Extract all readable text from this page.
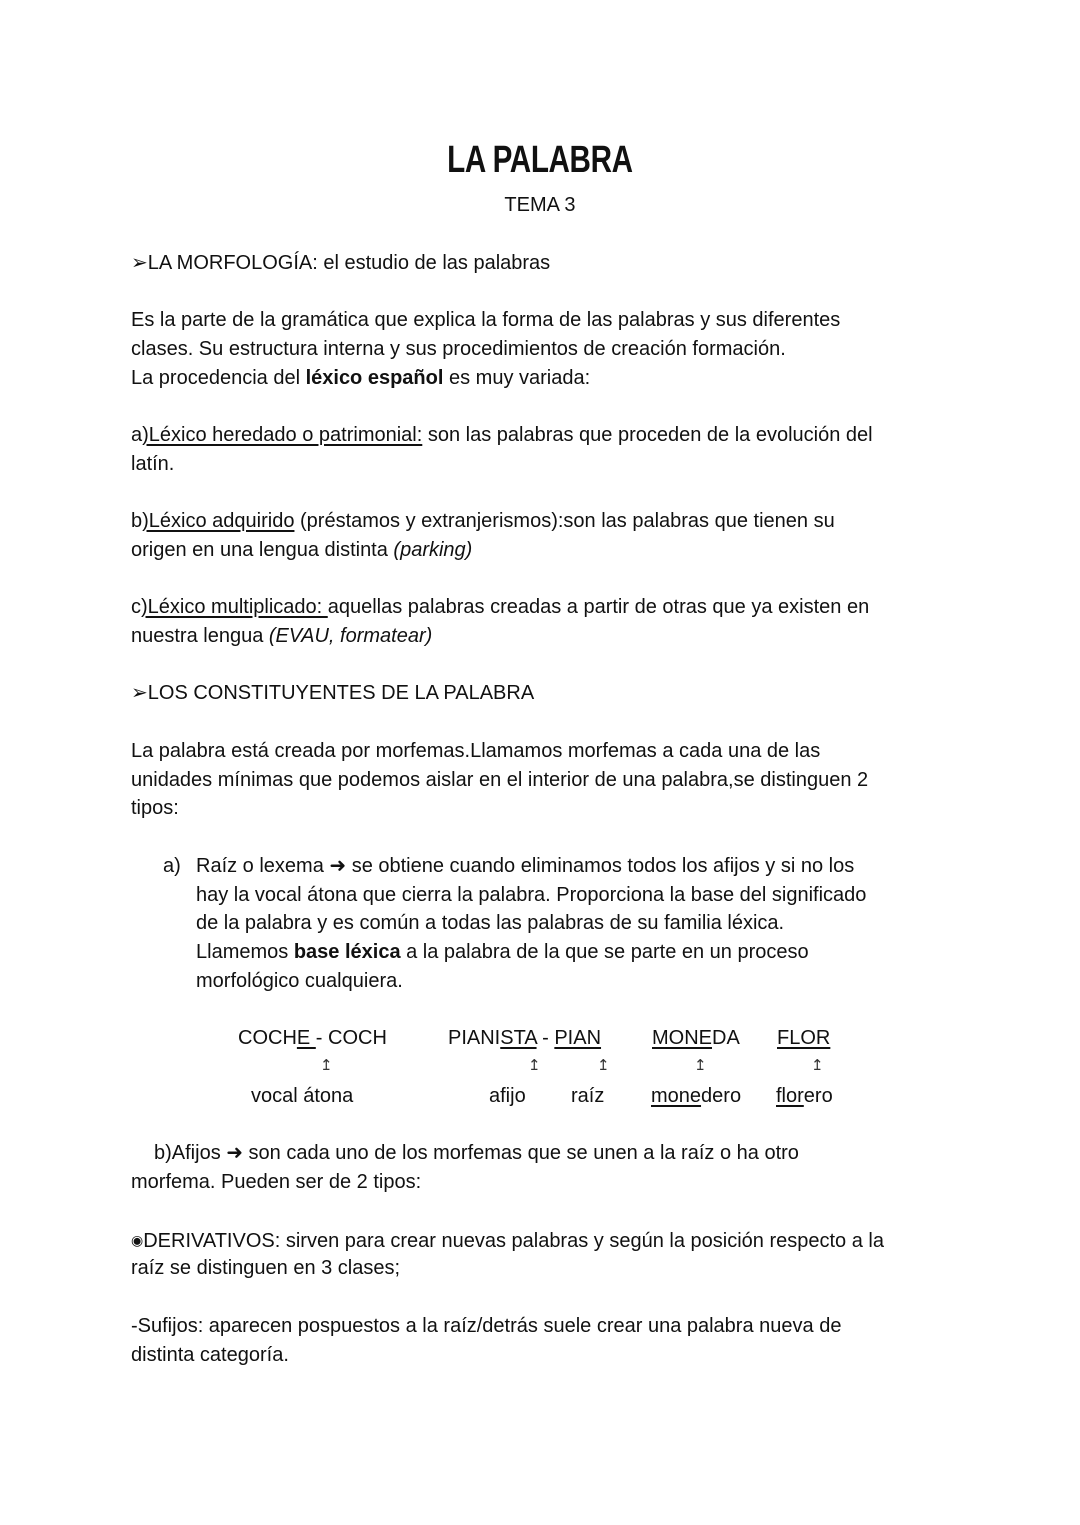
LA PALABRA
TEMA 3
➢LA MORFOLOGÍA: el estudio de las palabras
Es la parte de la gramática que explica la forma de las palabras y sus diferentes
clases. Su estructura interna y sus procedimientos de creación formación.
La procedencia del léxico español es muy variada:
a)Léxico heredado o patrimonial: son las palabras que proceden de la evolución del
latín.
b)Léxico adquirido (préstamos y extranjerismos):son las palabras que tienen su
origen en una lengua distinta (parking)
c)Léxico multiplicado: aquellas palabras creadas a partir de otras que ya existen en
nuestra lengua (EVAU, formatear)
➢LOS CONSTITUYENTES DE LA PALABRA
La palabra está creada por morfemas.Llamamos morfemas a cada una de las
unidades mínimas que podemos aislar en el interior de una palabra,se distinguen 2
tipos:
a) Raíz o lexema ➜ se obtiene cuando eliminamos todos los afijos y si no los
hay la vocal átona que cierra la palabra. Proporciona la base del significado
de la palabra y es común a todas las palabras de su familia léxica.
Llamemos base léxica a la palabra de la que se parte en un proceso
morfológico cualquiera.
COCHE - COCH	PIANISTA - PIAN	MONEDA FLOR
↥	↥	↥	↥	↥
vocal átona	afijo raíz monedero florero
b)Afijos ➜ son cada uno de los morfemas que se unen a la raíz o ha otro
morfema. Pueden ser de 2 tipos:
◉DERIVATIVOS: sirven para crear nuevas palabras y según la posición respecto a la
raíz se distinguen en 3 clases;
-Sufijos: aparecen pospuestos a la raíz/detrás suele crear una palabra nueva de
distinta categoría.
